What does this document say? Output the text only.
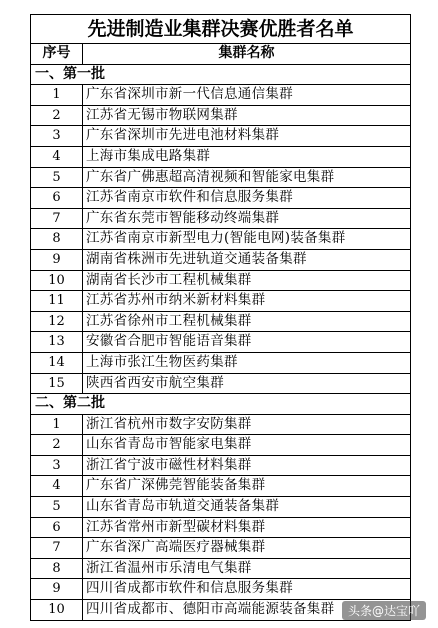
先进制造业集群决赛优胜者名单	
序号	集群名称
一、第一批	
1	广东省深圳市新一代信息通信集群
2	江苏省无锡市物联网集群
3	广东省深圳市先进电池材料集群
4	上海市集成电路集群
5	广东省广佛惠超高清视频和智能家电集群
6	江苏省南京市软件和信息服务集群
7	广东省东莞市智能移动终端集群
8	江苏省南京市新型电力(智能电网)装备集群
9	湖南省株洲市先进轨道交通装备集群
10	湖南省长沙市工程机械集群
11	江苏省苏州市纳米新材料集群
12	江苏省徐州市工程机械集群
13	安徽省合肥市智能语音集群
14	上海市张江生物医药集群
15	陕西省西安市航空集群
二、第二批	
1	浙江省杭州市数字安防集群
2	山东省青岛市智能家电集群
3	浙江省宁波市磁性材料集群
4	广东省广深佛莞智能装备集群
5	山东省青岛市轨道交通装备集群
6	江苏省常州市新型碳材料集群
7	广东省深广高端医疗器械集群
8	浙江省温州市乐清电气集群
9	四川省成都市软件和信息服务集群
10	四川省成都市、德阳市高端能源装备集群	头条@达宝吖
